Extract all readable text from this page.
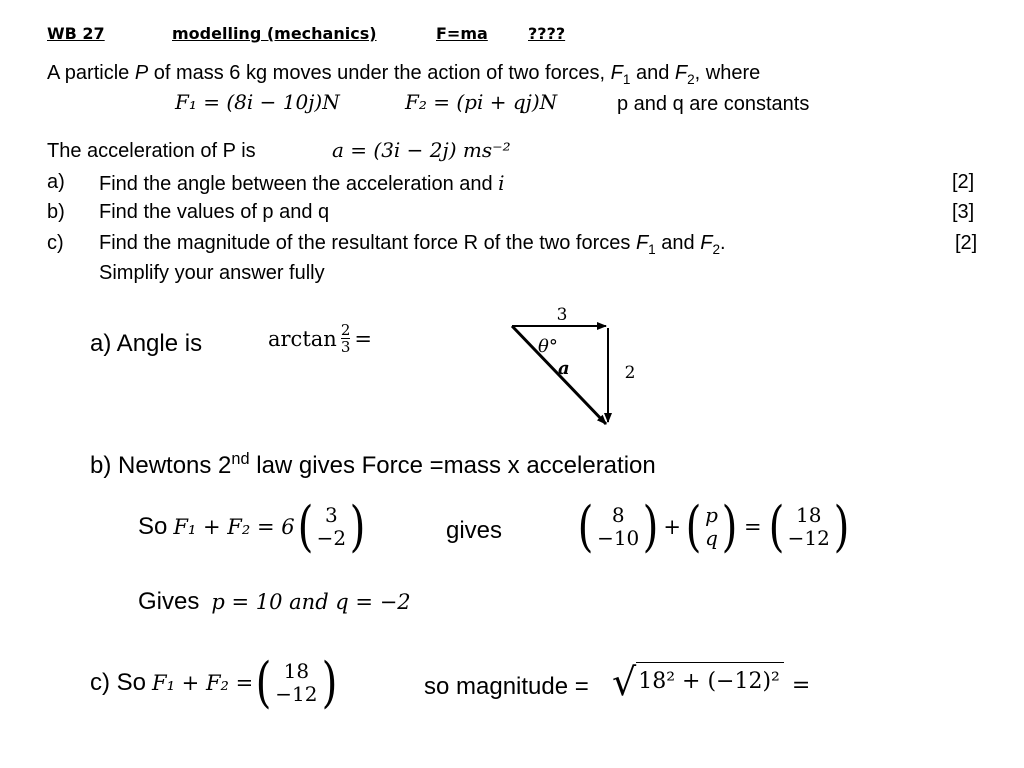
WB 27	modelling (mechanics)	F=ma	????
A particle P of mass 6 kg moves under the action of two forces, $F_1$ and $F_2$, where
F₁ = (8i − 10j)N	F₂ = (pi + qj)N	p and q are constants
The acceleration of P is	a = (3i − 2j) ms⁻²
a) Find the angle between the acceleration and i	[2]
b) Find the values of p and q	[3]
c) Find the magnitude of the resultant force R of the two forces $F_1$ and $F_2$.	[2]
Simplify your answer fully
a) Angle is	$\arctan \frac{2}{3}$ =
3
2
θ°
a
b) Newtons 2nd law gives Force =mass x acceleration
So F₁ + F₂ = 6 ( 3
−2 )	gives ( 8
−10 ) + ( p
q ) = ( 18
−12 )
Gives p = 10 and q = −2
c) So F₁ + F₂ = ( 18
−12 )	so magnitude = √ 18² + (−12)² =
